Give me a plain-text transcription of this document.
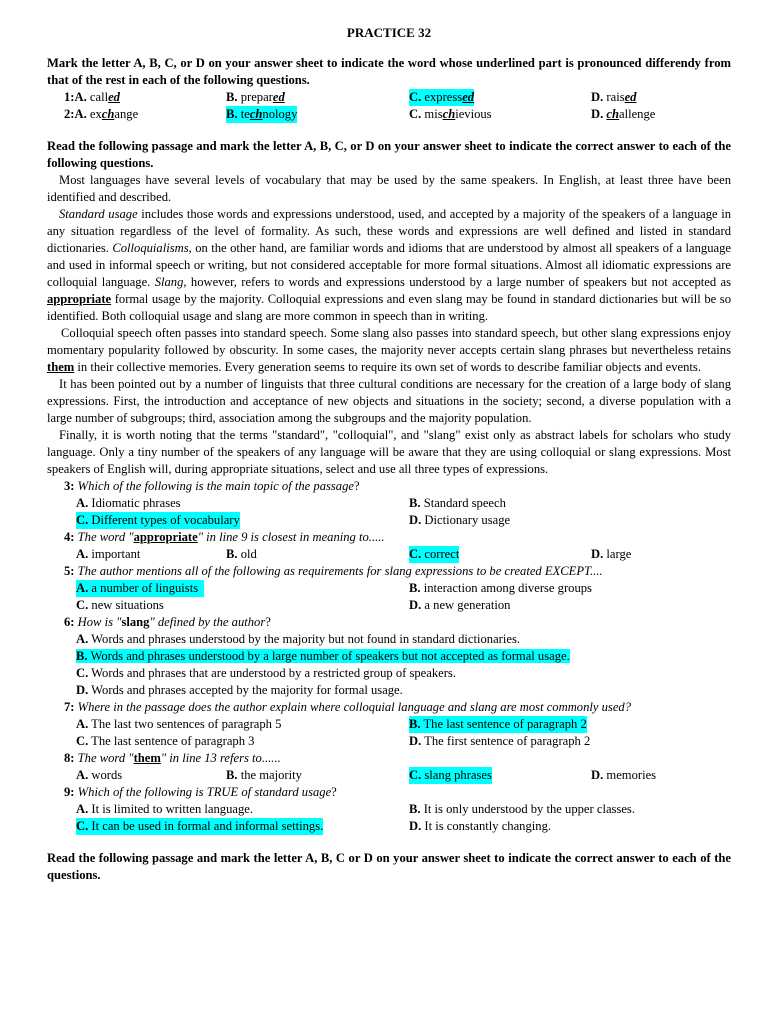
PRACTICE 32
Mark the letter A, B, C, or D on your answer sheet to indicate the word whose underlined part is pronounced differendy from that of the rest in each of the following questions.
1:A. called	B. prepared	C. expressed	D. raised
2:A. exchange	B. technology	C. mischievious	D. challenge
Read the following passage and mark the letter A, B, C, or D on your answer sheet to indicate the correct answer to each of the following questions.

Most languages have several levels of vocabulary that may be used by the same speakers. In English, at least three have been identified and described.

Standard usage includes those words and expressions understood, used, and accepted by a majority of the speakers of a language in any situation regardless of the level of formality. As such, these words and expressions are well defined and listed in standard dictionaries. Colloquialisms, on the other hand, are familiar words and idioms that are understood by almost all speakers of a language and used in informal speech or writing, but not considered acceptable for more formal situations. Almost all idiomatic expressions are colloquial language. Slang, however, refers to words and expressions understood by a large number of speakers but not accepted as appropriate formal usage by the majority. Colloquial expressions and even slang may be found in standard dictionaries but will be so identified. Both colloquial usage and slang are more common in speech than in writing.

Colloquial speech often passes into standard speech. Some slang also passes into standard speech, but other slang expressions enjoy momentary popularity followed by obscurity. In some cases, the majority never accepts certain slang phrases but nevertheless retains them in their collective memories. Every generation seems to require its own set of words to describe familiar objects and events.

It has been pointed out by a number of linguists that three cultural conditions are necessary for the creation of a large body of slang expressions. First, the introduction and acceptance of new objects and situations in the society; second, a diverse population with a large number of subgroups; third, association among the subgroups and the majority population.

Finally, it is worth noting that the terms "standard", "colloquial", and "slang" exist only as abstract labels for scholars who study language. Only a tiny number of the speakers of any language will be aware that they are using colloquial or slang expressions. Most speakers of English will, during appropriate situations, select and use all three types of expressions.

3: Which of the following is the main topic of the passage?
A. Idiomatic phrases	B. Standard speech
C. Different types of vocabulary	D. Dictionary usage
4: The word "appropriate" in line 9 is closest in meaning to.....
A. important	B. old	C. correct	D. large
5: The author mentions all of the following as requirements for slang expressions to be created EXCEPT....
A. a number of linguists	B. interaction among diverse groups
C. new situations	D. a new generation
6: How is "slang" defined by the author?
A. Words and phrases understood by the majority but not found in standard dictionaries.
B. Words and phrases understood by a large number of speakers but not accepted as formal usage.
C. Words and phrases that are understood by a restricted group of speakers.
D. Words and phrases accepted by the majority for formal usage.
7: Where in the passage does the author explain where colloquial language and slang are most commonly used?
A. The last two sentences of paragraph 5	B. The last sentence of paragraph 2
C. The last sentence of paragraph 3	D. The first sentence of paragraph 2
8: The word "them" in line 13 refers to......
A. words	B. the majority	C. slang phrases	D. memories
9: Which of the following is TRUE of standard usage?
A. It is limited to written language.	B. It is only understood by the upper classes.
C. It can be used in formal and informal settings.	D. It is constantly changing.
Read the following passage and mark the letter A, B, C or D on your answer sheet to indicate the correct answer to each of the questions.
